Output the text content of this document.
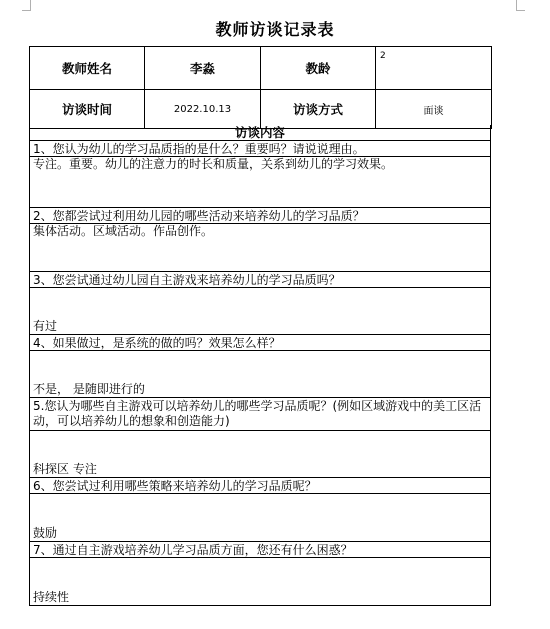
教师访谈记录表
教师姓名	李淼	教龄	2
访谈时间	2022.10.13	访谈方式	面谈
访谈内容
1、您认为幼儿的学习品质指的是什么？重要吗？请说说理由。
专注。重要。幼儿的注意力的时长和质量，关系到幼儿的学习效果。
2、您都尝试过利用幼儿园的哪些活动来培养幼儿的学习品质？
集体活动。区域活动。作品创作。
3、您尝试通过幼儿园自主游戏来培养幼儿的学习品质吗？
有过
4、如果做过，是系统的做的吗？效果怎么样？
不是， 是随即进行的
5.您认为哪些自主游戏可以培养幼儿的哪些学习品质呢？(例如区域游戏中的美工区活动，可以培养幼儿的想象和创造能力)
科探区 专注
6、您尝试过利用哪些策略来培养幼儿的学习品质呢？
鼓励
7、通过自主游戏培养幼儿学习品质方面，您还有什么困惑？
持续性
